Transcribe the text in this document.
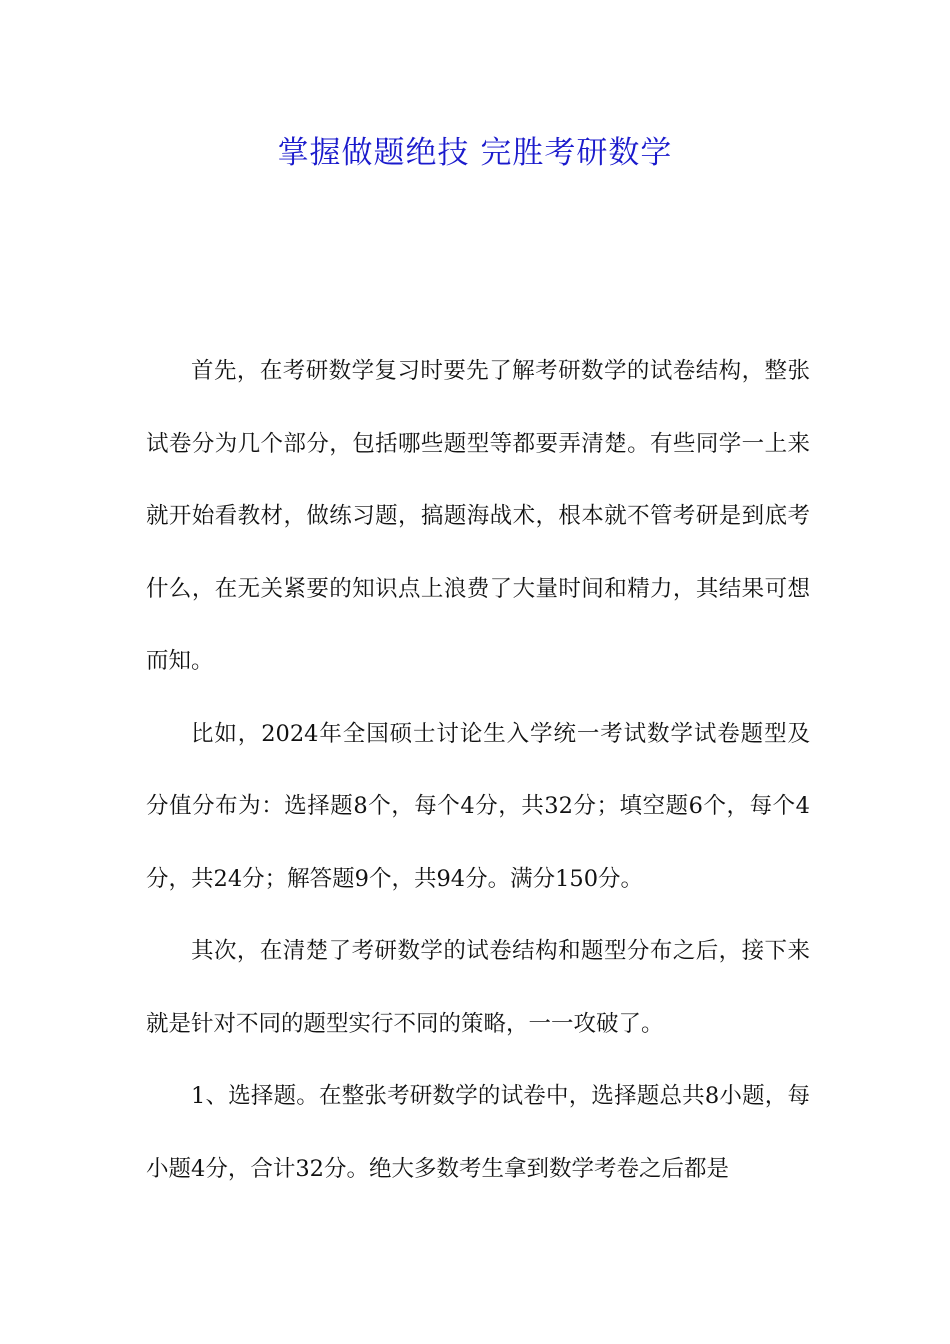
掌握做题绝技 完胜考研数学

首先，在考研数学复习时要先了解考研数学的试卷结构，整张试卷分为几个部分，包括哪些题型等都要弄清楚。有些同学一上来就开始看教材，做练习题，搞题海战术，根本就不管考研是到底考什么，在无关紧要的知识点上浪费了大量时间和精力，其结果可想而知。

比如，2024年全国硕士讨论生入学统一考试数学试卷题型及分值分布为：选择题8个，每个4分，共32分；填空题6个，每个4分，共24分；解答题9个，共94分。满分150分。

其次，在清楚了考研数学的试卷结构和题型分布之后，接下来就是针对不同的题型实行不同的策略，一一攻破了。

1、选择题。在整张考研数学的试卷中，选择题总共8小题，每小题4分，合计32分。绝大多数考生拿到数学考卷之后都是
